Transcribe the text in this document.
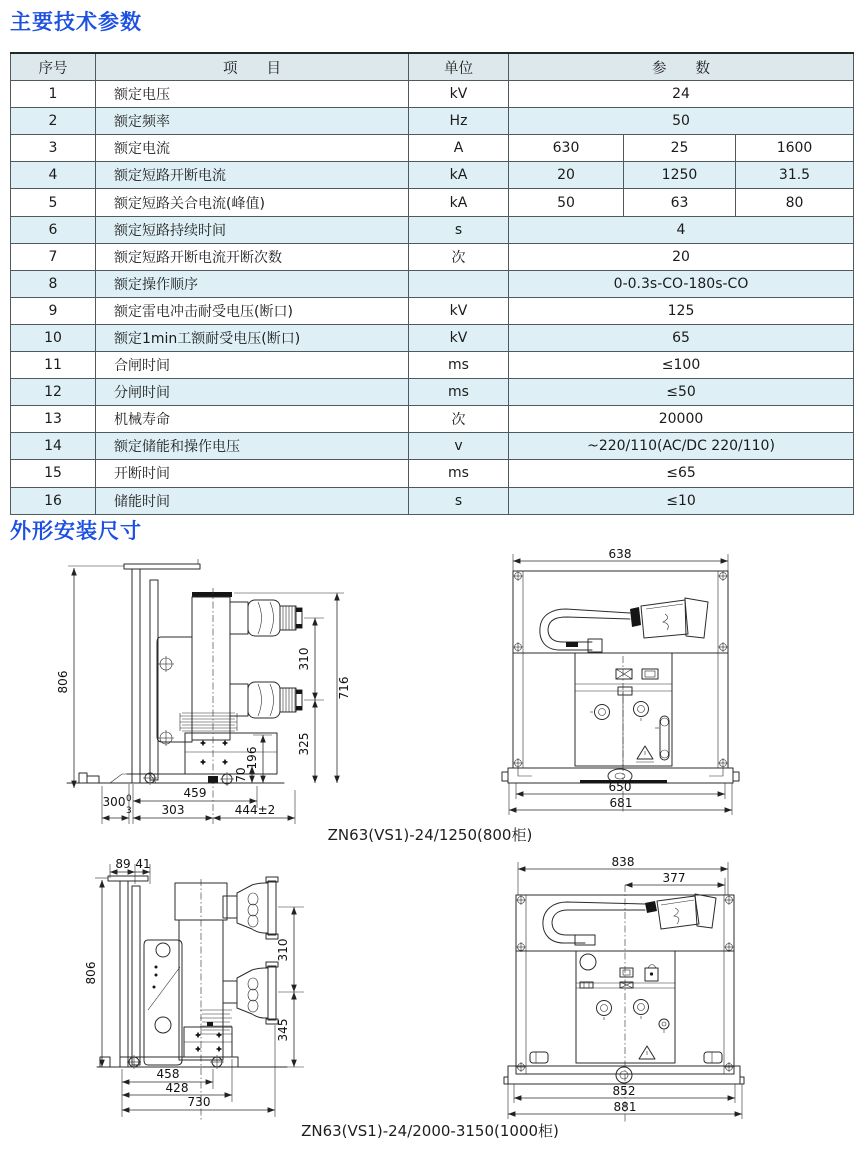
主要技术参数
序号	项　　目	单位	参　　数		
1	额定电压	kV	24		
2	额定频率	Hz	50		
3	额定电流	A	630	25	1600
4	额定短路开断电流	kA	20	1250	31.5
5	额定短路关合电流(峰值)	kA	50	63	80
6	额定短路持续时间	s	4		
7	额定短路开断电流开断次数	次	20		
8	额定操作顺序		0-0.3s-CO-180s-CO		
9	额定雷电冲击耐受电压(断口)	kV	125		
10	额定1min工额耐受电压(断口)	kV	65		
11	合闸时间	ms	≤100		
12	分闸时间	ms	≤50		
13	机械寿命	次	20000		
14	额定储能和操作电压	v	~220/110(AC/DC 220/110)		
15	开断时间	ms	≤65		
16	储能时间	s	≤10		
外形安装尺寸
806	716
310
325
196
70
459
300 0
3 303	444±2
638
650
681
ZN63(VS1)-24/1250(800柜)
89 41
806
310
345
458
428
730
838
377
852
881
ZN63(VS1)-24/2000-3150(1000柜)
